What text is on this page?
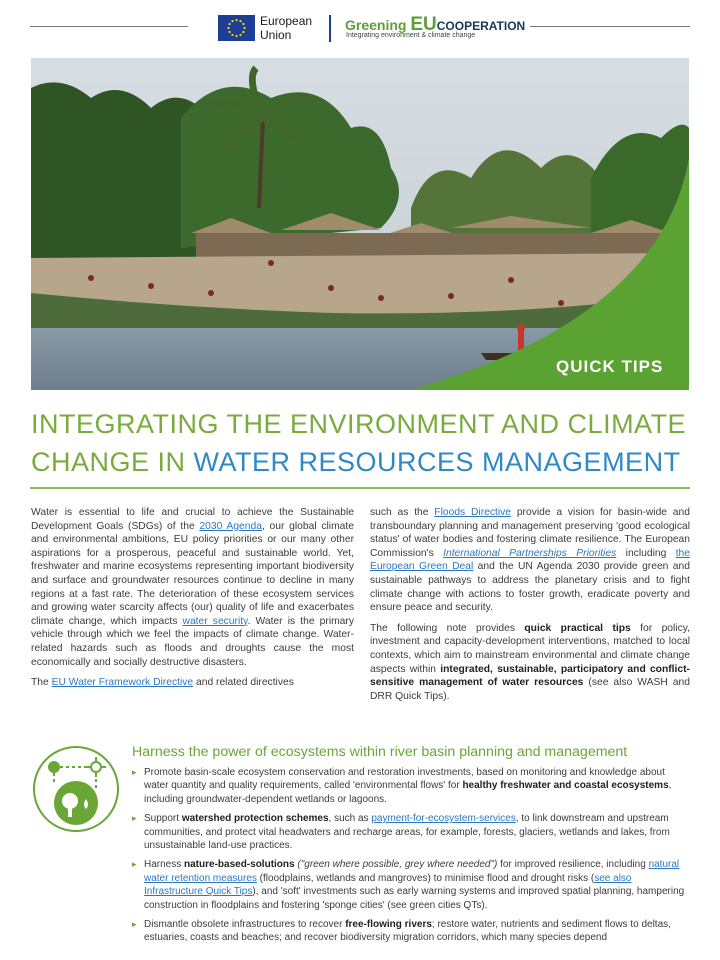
European
Union
Greening EUCOOPERATION
Integrating environment & climate change
QUICK TIPS
INTEGRATING THE ENVIRONMENT AND CLIMATE CHANGE IN WATER RESOURCES MANAGEMENT

Water is essential to life and crucial to achieve the Sustainable Development Goals (SDGs) of the 2030 Agenda, our global climate and environmental ambitions, EU policy priorities or our many other aspirations for a prosperous, peaceful and sustainable world. Yet, freshwater and marine ecosystems representing important biodiversity and surface and groundwater resources continue to decline in many regions at a fast rate. The deterioration of these ecosystem services and growing water scarcity affects (our) quality of life and exacerbates climate change, which impacts water security. Water is the primary vehicle through which we feel the impacts of climate change. Water-related hazards such as floods and droughts cause the most economically and socially destructive disasters.

The EU Water Framework Directive and related directives

such as the Floods Directive provide a vision for basin-wide and transboundary planning and management preserving 'good ecological status' of water bodies and fostering climate resilience. The European Commission's International Partnerships Priorities including the European Green Deal and the UN Agenda 2030 provide green and sustainable pathways to address the planetary crisis and to fight climate change with actions to foster growth, eradicate poverty and ensure peace and security.

The following note provides quick practical tips for policy, investment and capacity-development interventions, matched to local contexts, which aim to mainstream environmental and climate change aspects within integrated, sustainable, participatory and conflict-sensitive management of water resources (see also WASH and DRR Quick Tips).

Harness the power of ecosystems within river basin planning and management
▸ Promote basin-scale ecosystem conservation and restoration investments, based on monitoring and knowledge about water quantity and quality requirements, called 'environmental flows' for healthy freshwater and coastal ecosystems, including groundwater-dependent wetlands or lagoons.
▸ Support watershed protection schemes, such as payment-for-ecosystem-services, to link downstream and upstream communities, and protect vital headwaters and recharge areas, for example, forests, glaciers, wetlands and lakes, from unsustainable land-use practices.
▸ Harness nature-based-solutions ("green where possible, grey where needed") for improved resilience, including natural water retention measures (floodplains, wetlands and mangroves) to minimise flood and drought risks (see also Infrastructure Quick Tips), and 'soft' investments such as early warning systems and improved spatial planning, hampering construction in floodplains and fostering 'sponge cities' (see green cities QTs).
▸ Dismantle obsolete infrastructures to recover free-flowing rivers; restore water, nutrients and sediment flows to deltas, estuaries, coasts and beaches; and recover biodiversity migration corridors, which many species depend
